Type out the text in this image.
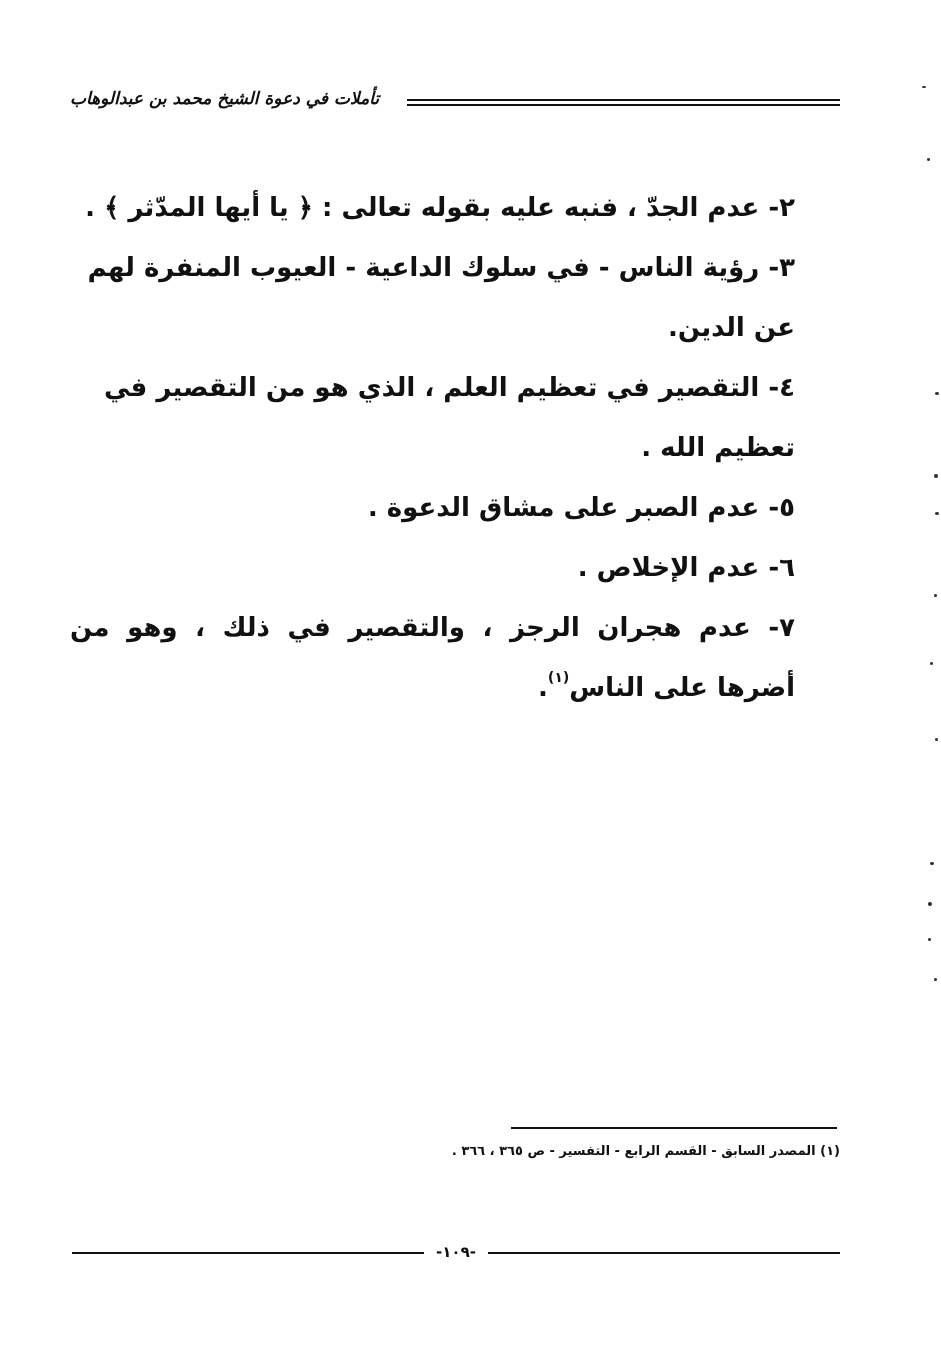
تأملات في دعوة الشيخ محمد بن عبدالوهاب

٢- عدم الجدّ ، فنبه عليه بقوله تعالى : ﴿ يا أيها المدّثر ﴾ .

٣- رؤية الناس - في سلوك الداعية - العيوب المنفرة لهم عن الدين.

٤- التقصير في تعظيم العلم ، الذي هو من التقصير في تعظيم الله .

٥- عدم الصبر على مشاق الدعوة .

٦- عدم الإخلاص .

٧- عدم هجران الرجز ، والتقصير في ذلك ، وهو من أضرها على الناس$^{(١)}$.

(١) المصدر السابق - القسم الرابع - التفسير - ص ٣٦٥ ، ٣٦٦ .
-١٠٩-
